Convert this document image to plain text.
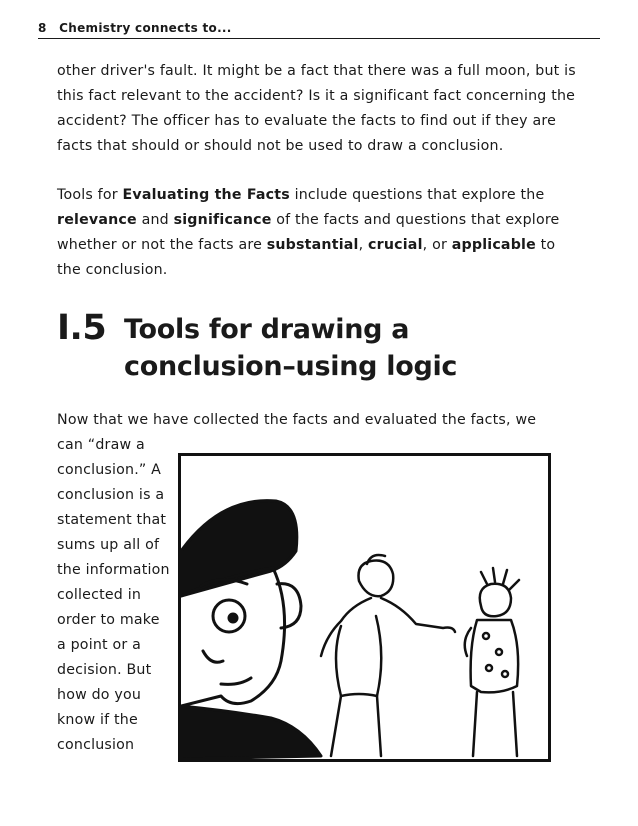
8 Chemistry connects to...

other driver's fault. It might be a fact that there was a full moon, but is this fact relevant to the accident? Is it a significant fact concerning the accident? The officer has to evaluate the facts to find out if they are facts that should or should not be used to draw a conclusion.

Tools for Evaluating the Facts include questions that explore the relevance and significance of the facts and questions that explore whether or not the facts are substantial, crucial, or applicable to the conclusion.

I.5 Tools for drawing a conclusion–using logic
Now that we have collected the facts and evaluated the facts, we
can “draw a conclusion.” A conclusion is a statement that sums up all of the information collected in order to make a point or a decision. But how do you know if the conclusion
